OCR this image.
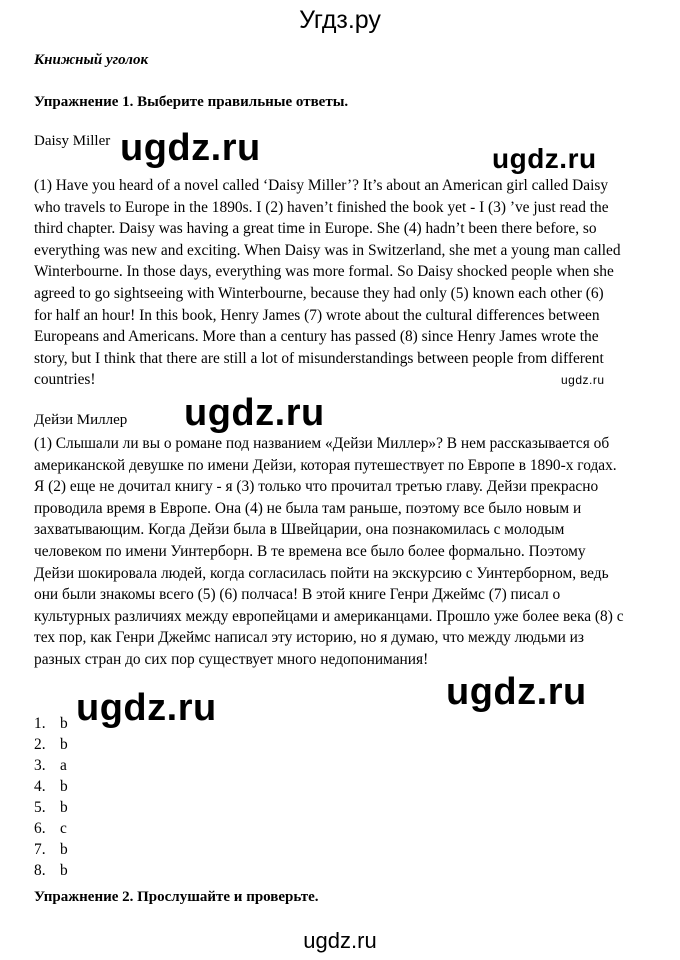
Угдз.ру
Книжный уголок
Упражнение 1. Выберите правильные ответы.
Daisy Miller

(1) Have you heard of a novel called ‘Daisy Miller’? It’s about an American girl called Daisy who travels to Europe in the 1890s. I (2) haven’t finished the book yet - I (3) ’ve just read the third chapter. Daisy was having a great time in Europe. She (4) hadn’t been there before, so everything was new and exciting. When Daisy was in Switzerland, she met a young man called Winterbourne. In those days, everything was more formal. So Daisy shocked people when she agreed to go sightseeing with Winterbourne, because they had only (5) known each other (6) for half an hour! In this book, Henry James (7) wrote about the cultural differences between Europeans and Americans. More than a century has passed (8) since Henry James wrote the story, but I think that there are still a lot of misunderstandings between people from different countries!

Дейзи Миллер

(1) Слышали ли вы о романе под названием «Дейзи Миллер»? В нем рассказывается об американской девушке по имени Дейзи, которая путешествует по Европе в 1890-х годах. Я (2) еще не дочитал книгу - я (3) только что прочитал третью главу. Дейзи прекрасно проводила время в Европе. Она (4) не была там раньше, поэтому все было новым и захватывающим. Когда Дейзи была в Швейцарии, она познакомилась с молодым человеком по имени Уинтерборн. В те времена все было более формально. Поэтому Дейзи шокировала людей, когда согласилась пойти на экскурсию с Уинтерборном, ведь они были знакомы всего (5) (6) полчаса! В этой книге Генри Джеймс (7) писал о культурных различиях между европейцами и американцами. Прошло уже более века (8) с тех пор, как Генри Джеймс написал эту историю, но я думаю, что между людьми из разных стран до сих пор существует много недопонимания!

1. b
2. b
3. a
4. b
5. b
6. c
7. b
8. b
Упражнение 2. Прослушайте и проверьте.
ugdz.ru	ugdz.ru
ugdz.ru
ugdz.ru
ugdz.ru
ugdz.ru
ugdz.ru
